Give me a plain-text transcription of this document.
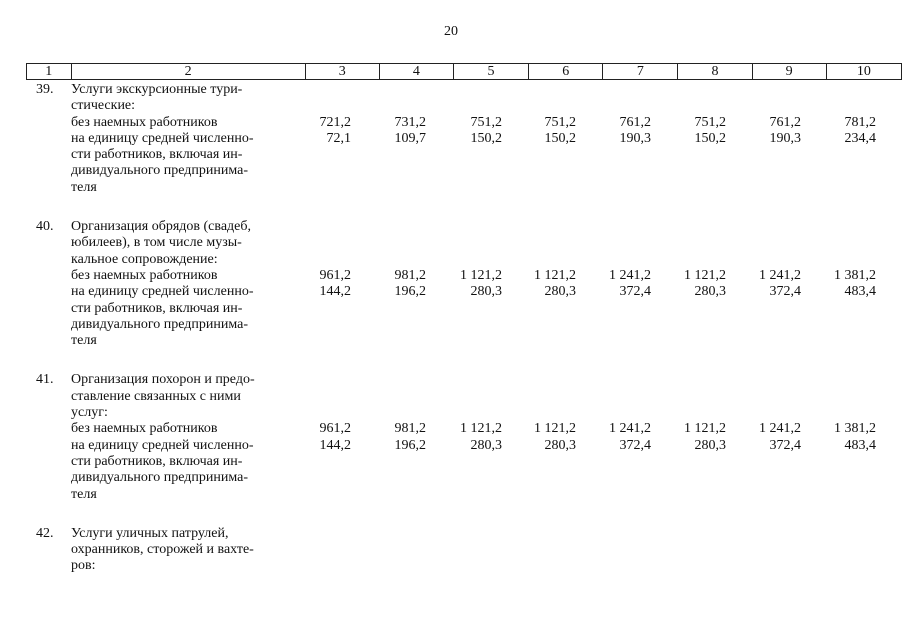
20
1	2	3	4	5	6	7	8	9	10
39. Услуги экскурсионные тури-
стические:
без наемных работников	721,2	731,2	751,2	751,2	761,2	751,2	761,2	781,2
на единицу средней численно-	72,1	109,7	150,2	150,2	190,3	150,2	190,3	234,4
сти работников, включая ин-
дивидуального предпринима-
теля
40. Организация обрядов (свадеб,
юбилеев), в том числе музы-
кальное сопровождение:
без наемных работников	961,2	981,2	1 121,2	1 121,2	1 241,2	1 121,2	1 241,2	1 381,2
на единицу средней численно-	144,2	196,2	280,3	280,3	372,4	280,3	372,4	483,4
сти работников, включая ин-
дивидуального предпринима-
теля
41. Организация похорон и предо-
ставление связанных с ними
услуг:
без наемных работников	961,2	981,2	1 121,2	1 121,2	1 241,2	1 121,2	1 241,2	1 381,2
на единицу средней численно-	144,2	196,2	280,3	280,3	372,4	280,3	372,4	483,4
сти работников, включая ин-
дивидуального предпринима-
теля
42. Услуги уличных патрулей,
охранников, сторожей и вахте-
ров:
